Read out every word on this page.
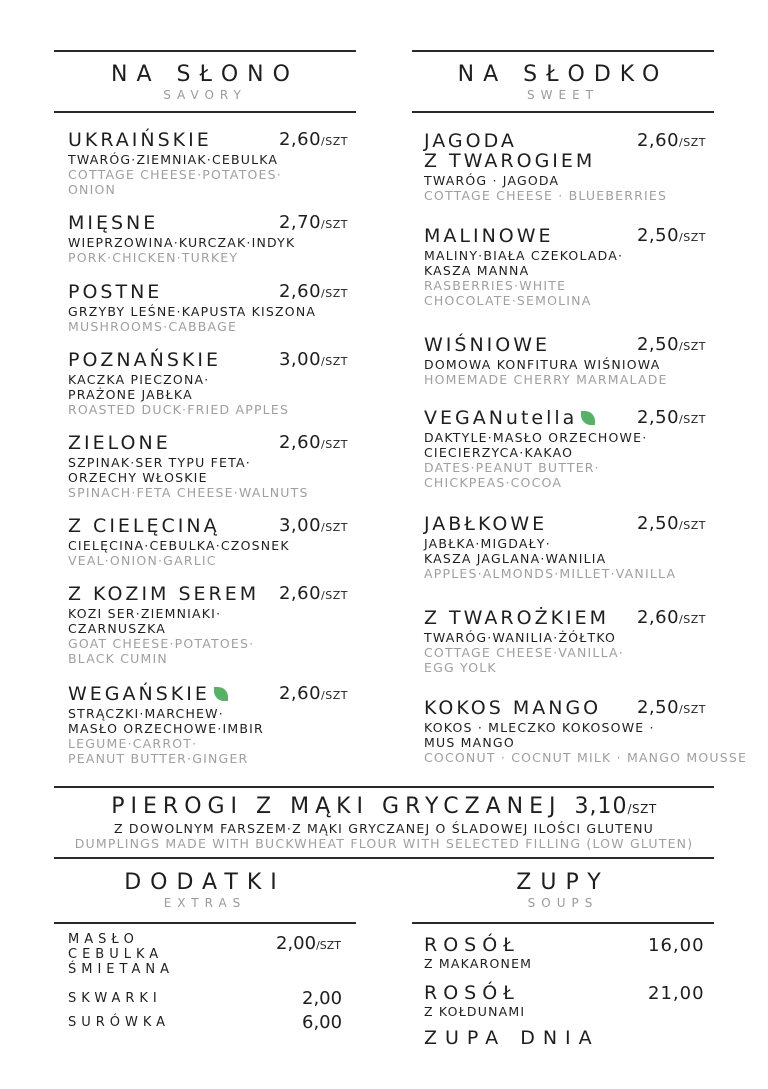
NA SŁONO
SAVORY
NA SŁODKO
SWEET
UKRAIŃSKIE	2,60/SZT
TWARÓG·ZIEMNIAK·CEBULKA
COTTAGE CHEESE·POTATOES·
ONION
MIĘSNE	2,70/SZT
WIEPRZOWINA·KURCZAK·INDYK
PORK·CHICKEN·TURKEY
POSTNE	2,60/SZT
GRZYBY LEŚNE·KAPUSTA KISZONA
MUSHROOMS·CABBAGE
POZNAŃSKIE	3,00/SZT
KACZKA PIECZONA·
PRAŻONE JABŁKA
ROASTED DUCK·FRIED APPLES
ZIELONE	2,60/SZT
SZPINAK·SER TYPU FETA·
ORZECHY WŁOSKIE
SPINACH·FETA CHEESE·WALNUTS
Z CIELĘCINĄ	3,00/SZT
CIELĘCINA·CEBULKA·CZOSNEK
VEAL·ONION·GARLIC
Z KOZIM SEREM	2,60/SZT
KOZI SER·ZIEMNIAKI·
CZARNUSZKA
GOAT CHEESE·POTATOES·
BLACK CUMIN
WEGAŃSKIE	2,60/SZT
STRĄCZKI·MARCHEW·
MASŁO ORZECHOWE·IMBIR
LEGUME·CARROT·
PEANUT BUTTER·GINGER
JAGODA
Z TWAROGIEM
2,60/SZT
TWARÓG · JAGODA
COTTAGE CHEESE · BLUEBERRIES
MALINOWE	2,50/SZT
MALINY·BIAŁA CZEKOLADA·
KASZA MANNA
RASBERRIES·WHITE
CHOCOLATE·SEMOLINA
WIŚNIOWE	2,50/SZT
DOMOWA KONFITURA WIŚNIOWA
HOMEMADE CHERRY MARMALADE
VEGANutella	2,50/SZT
DAKTYLE·MASŁO ORZECHOWE·
CIECIERZYCA·KAKAO
DATES·PEANUT BUTTER·
CHICKPEAS·COCOA
JABŁKOWE	2,50/SZT
JABŁKA·MIGDAŁY·
KASZA JAGLANA·WANILIA
APPLES·ALMONDS·MILLET·VANILLA
Z TWAROŻKIEM	2,60/SZT
TWARÓG·WANILIA·ŻÓŁTKO
COTTAGE CHEESE·VANILLA·
EGG YOLK
KOKOS MANGO	2,50/SZT
KOKOS · MLECZKO KOKOSOWE ·
MUS MANGO
COCONUT · COCNUT MILK · MANGO MOUSSE
PIEROGI Z MĄKI GRYCZANEJ 3,10/SZT
Z DOWOLNYM FARSZEM·Z MĄKI GRYCZANEJ O ŚLADOWEJ ILOŚCI GLUTENU
DUMPLINGS MADE WITH BUCKWHEAT FLOUR WITH SELECTED FILLING (LOW GLUTEN)
DODATKI
EXTRAS
ZUPY
SOUPS
MASŁO
CEBULKA
ŚMIETANA
2,00/SZT
SKWARKI	2,00
SURÓWKA	6,00
ROSÓŁ
Z MAKARONEM
16,00
ROSÓŁ
Z KOŁDUNAMI
21,00
ZUPA DNIA
